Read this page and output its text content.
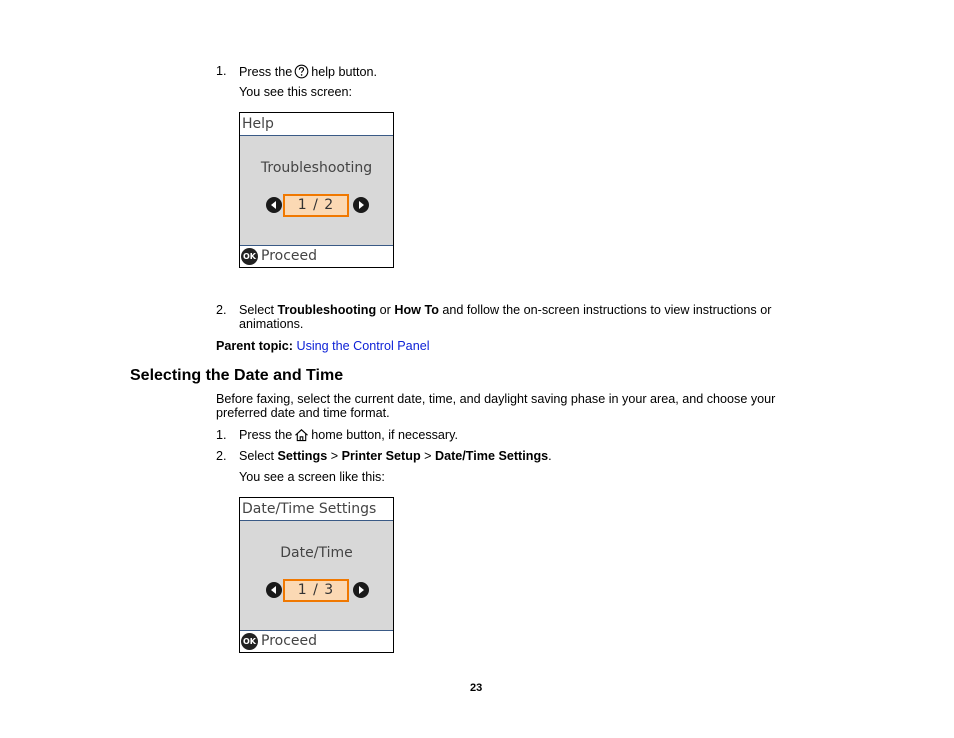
1. Press the help button.
You see this screen:
Help
Troubleshooting
1 / 2
OK Proceed
2. Select Troubleshooting or How To and follow the on-screen instructions to view instructions or
animations.
Parent topic: Using the Control Panel
Selecting the Date and Time
Before faxing, select the current date, time, and daylight saving phase in your area, and choose your
preferred date and time format.
1. Press the home button, if necessary.
2. Select Settings > Printer Setup > Date/Time Settings.
You see a screen like this:
Date/Time Settings
Date/Time
1 / 3
OK Proceed
23
